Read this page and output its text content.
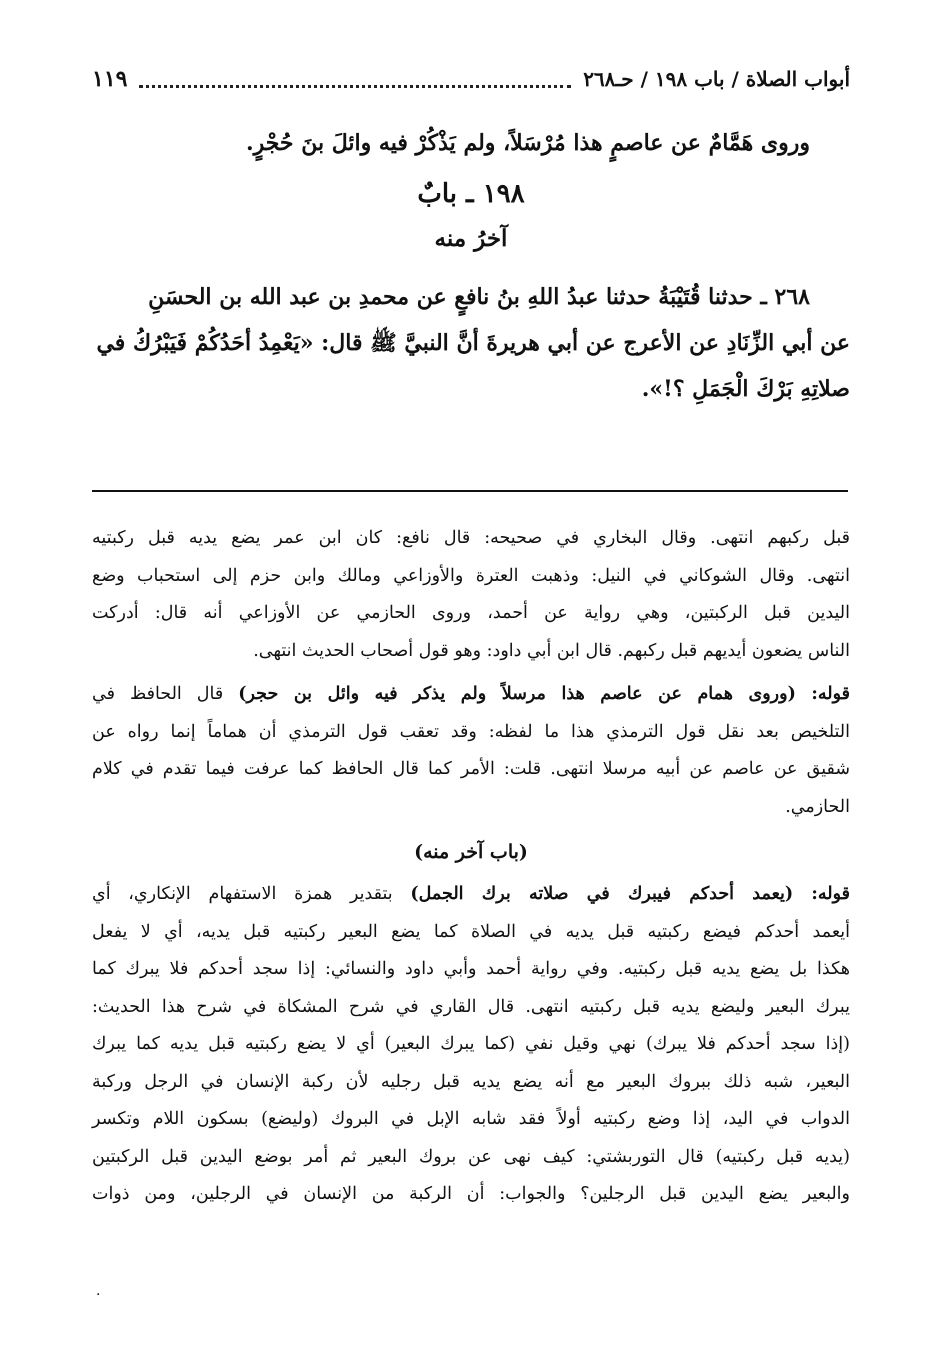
أبواب الصلاة / باب ١٩٨ / حـ٢٦٨
١١٩

وروى هَمَّامٌ عن عاصمٍ هذا مُرْسَلاً، ولم يَذْكُرْ فيه وائلَ بنَ حُجْرٍ.

١٩٨ ـ بابٌ
آخرُ منه

٢٦٨ ـ حدثنا قُتَيْبَةُ حدثنا عبدُ اللهِ بنُ نافعٍ عن محمدِ بن عبد الله بن الحسَنِ

عن أبي الزِّنَادِ عن الأعرج عن أبي هريرةَ أنَّ النبيَّ ﷺ قال: «يَعْمِدُ أحَدُكُمْ فَيَبْرُكُ في

صلاتِهِ بَرْكَ الْجَمَلِ ؟!».

قبل ركبهم انتهى. وقال البخاري في صحيحه: قال نافع: كان ابن عمر يضع يديه قبل ركبتيه

انتهى. وقال الشوكاني في النيل: وذهبت العترة والأوزاعي ومالك وابن حزم إلى استحباب وضع

اليدين قبل الركبتين، وهي رواية عن أحمد، وروى الحازمي عن الأوزاعي أنه قال: أدركت

الناس يضعون أيديهم قبل ركبهم. قال ابن أبي داود: وهو قول أصحاب الحديث انتهى.

قوله: (وروى همام عن عاصم هذا مرسلاً ولم يذكر فيه وائل بن حجر) قال الحافظ في

التلخيص بعد نقل قول الترمذي هذا ما لفظه: وقد تعقب قول الترمذي أن هماماً إنما رواه عن

شقيق عن عاصم عن أبيه مرسلا انتهى. قلت: الأمر كما قال الحافظ كما عرفت فيما تقدم في كلام

الحازمي.

(باب آخر منه)

قوله: (يعمد أحدكم فيبرك في صلاته برك الجمل) بتقدير همزة الاستفهام الإنكاري، أي

أيعمد أحدكم فيضع ركبتيه قبل يديه في الصلاة كما يضع البعير ركبتيه قبل يديه، أي لا يفعل

هكذا بل يضع يديه قبل ركبتيه. وفي رواية أحمد وأبي داود والنسائي: إذا سجد أحدكم فلا يبرك كما

يبرك البعير وليضع يديه قبل ركبتيه انتهى. قال القاري في شرح المشكاة في شرح هذا الحديث:

(إذا سجد أحدكم فلا يبرك) نهي وقيل نفي (كما يبرك البعير) أي لا يضع ركبتيه قبل يديه كما يبرك

البعير، شبه ذلك ببروك البعير مع أنه يضع يديه قبل رجليه لأن ركبة الإنسان في الرجل وركبة

الدواب في اليد، إذا وضع ركبتيه أولاً فقد شابه الإبل في البروك (وليضع) بسكون اللام وتكسر

(يديه قبل ركبتيه) قال التوربشتي: كيف نهى عن بروك البعير ثم أمر بوضع اليدين قبل الركبتين

والبعير يضع اليدين قبل الرجلين؟ والجواب: أن الركبة من الإنسان في الرجلين، ومن ذوات

·
